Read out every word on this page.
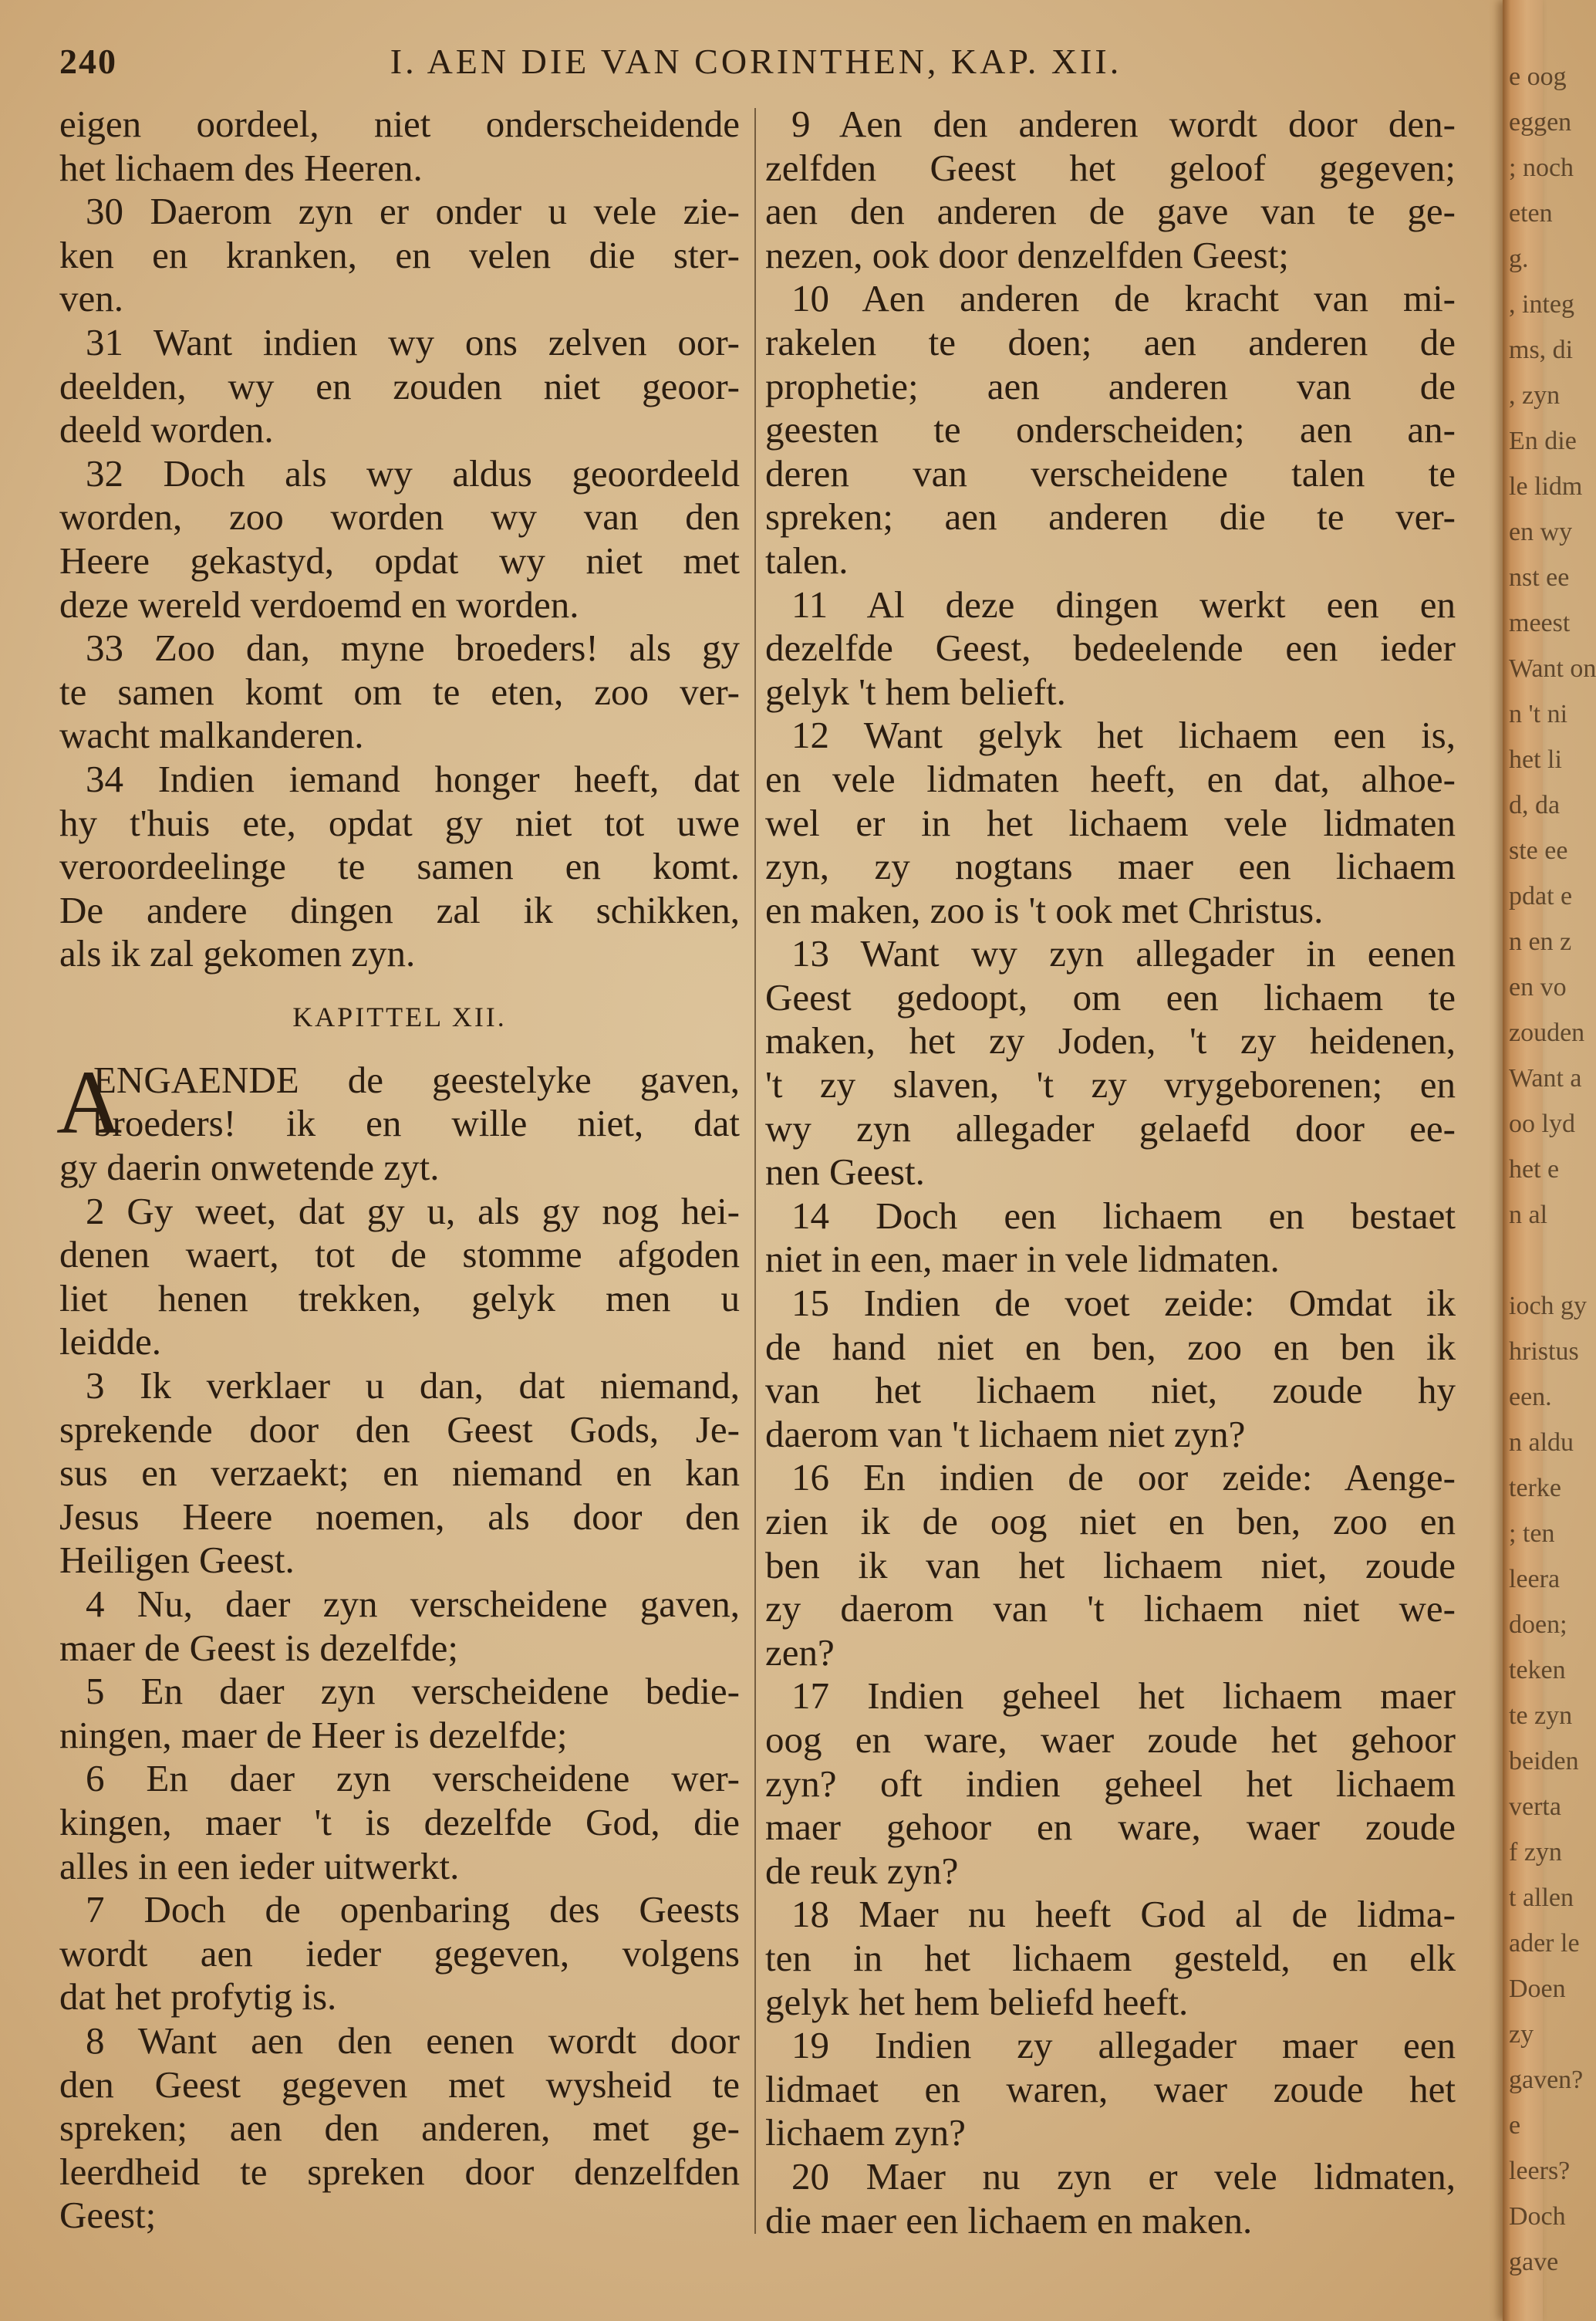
240	I. AEN DIE VAN CORINTHEN, KAP. XII.
eigen oordeel, niet onderscheidende
het lichaem des Heeren.
30 Daerom zyn er onder u vele zie-
ken en kranken, en velen die ster-
ven.
31 Want indien wy ons zelven oor-
deelden, wy en zouden niet geoor-
deeld worden.
32 Doch als wy aldus geoordeeld
worden, zoo worden wy van den
Heere gekastyd, opdat wy niet met
deze wereld verdoemd en worden.
33 Zoo dan, myne broeders! als gy
te samen komt om te eten, zoo ver-
wacht malkanderen.
34 Indien iemand honger heeft, dat
hy t'huis ete, opdat gy niet tot uwe
veroordeelinge te samen en komt.
De andere dingen zal ik schikken,
als ik zal gekomen zyn.
KAPITTEL XII.
A
ENGAENDE de geestelyke gaven,
broeders! ik en wille niet, dat
gy daerin onwetende zyt.
2 Gy weet, dat gy u, als gy nog hei-
denen waert, tot de stomme afgoden
liet henen trekken, gelyk men u
leidde.
3 Ik verklaer u dan, dat niemand,
sprekende door den Geest Gods, Je-
sus en verzaekt; en niemand en kan
Jesus Heere noemen, als door den
Heiligen Geest.
4 Nu, daer zyn verscheidene gaven,
maer de Geest is dezelfde;
5 En daer zyn verscheidene bedie-
ningen, maer de Heer is dezelfde;
6 En daer zyn verscheidene wer-
kingen, maer 't is dezelfde God, die
alles in een ieder uitwerkt.
7 Doch de openbaring des Geests
wordt aen ieder gegeven, volgens
dat het profytig is.
8 Want aen den eenen wordt door
den Geest gegeven met wysheid te
spreken; aen den anderen, met ge-
leerdheid te spreken door denzelfden
Geest;
9 Aen den anderen wordt door den-
zelfden Geest het geloof gegeven;
aen den anderen de gave van te ge-
nezen, ook door denzelfden Geest;
10 Aen anderen de kracht van mi-
rakelen te doen; aen anderen de
prophetie; aen anderen van de
geesten te onderscheiden; aen an-
deren van verscheidene talen te
spreken; aen anderen die te ver-
talen.
11 Al deze dingen werkt een en
dezelfde Geest, bedeelende een ieder
gelyk 't hem belieft.
12 Want gelyk het lichaem een is,
en vele lidmaten heeft, en dat, alhoe-
wel er in het lichaem vele lidmaten
zyn, zy nogtans maer een lichaem
en maken, zoo is 't ook met Christus.
13 Want wy zyn allegader in eenen
Geest gedoopt, om een lichaem te
maken, het zy Joden, 't zy heidenen,
't zy slaven, 't zy vrygeborenen; en
wy zyn allegader gelaefd door ee-
nen Geest.
14 Doch een lichaem en bestaet
niet in een, maer in vele lidmaten.
15 Indien de voet zeide: Omdat ik
de hand niet en ben, zoo en ben ik
van het lichaem niet, zoude hy
daerom van 't lichaem niet zyn?
16 En indien de oor zeide: Aenge-
zien ik de oog niet en ben, zoo en
ben ik van het lichaem niet, zoude
zy daerom van 't lichaem niet we-
zen?
17 Indien geheel het lichaem maer
oog en ware, waer zoude het gehoor
zyn? oft indien geheel het lichaem
maer gehoor en ware, waer zoude
de reuk zyn?
18 Maer nu heeft God al de lidma-
ten in het lichaem gesteld, en elk
gelyk het hem beliefd heeft.
19 Indien zy allegader maer een
lidmaet en waren, waer zoude het
lichaem zyn?
20 Maer nu zyn er vele lidmaten,
die maer een lichaem en maken.
e oog
eggen
; noch
eten
g.
, integ
ms, di
, zyn
En die
le lidm
en wy
nst ee
meest
Want on
n 't ni
het li
d, da
ste ee
pdat e
n en z
en vo
zouden
Want a
oo lyd
het e
n al
ioch gy
hristus
een.
n aldu
terke
; ten
leera
doen;
teken
te zyn
beiden
verta
f zyn
t allen
ader le
Doen
zy
gaven?
e
leers?
Doch
gave
